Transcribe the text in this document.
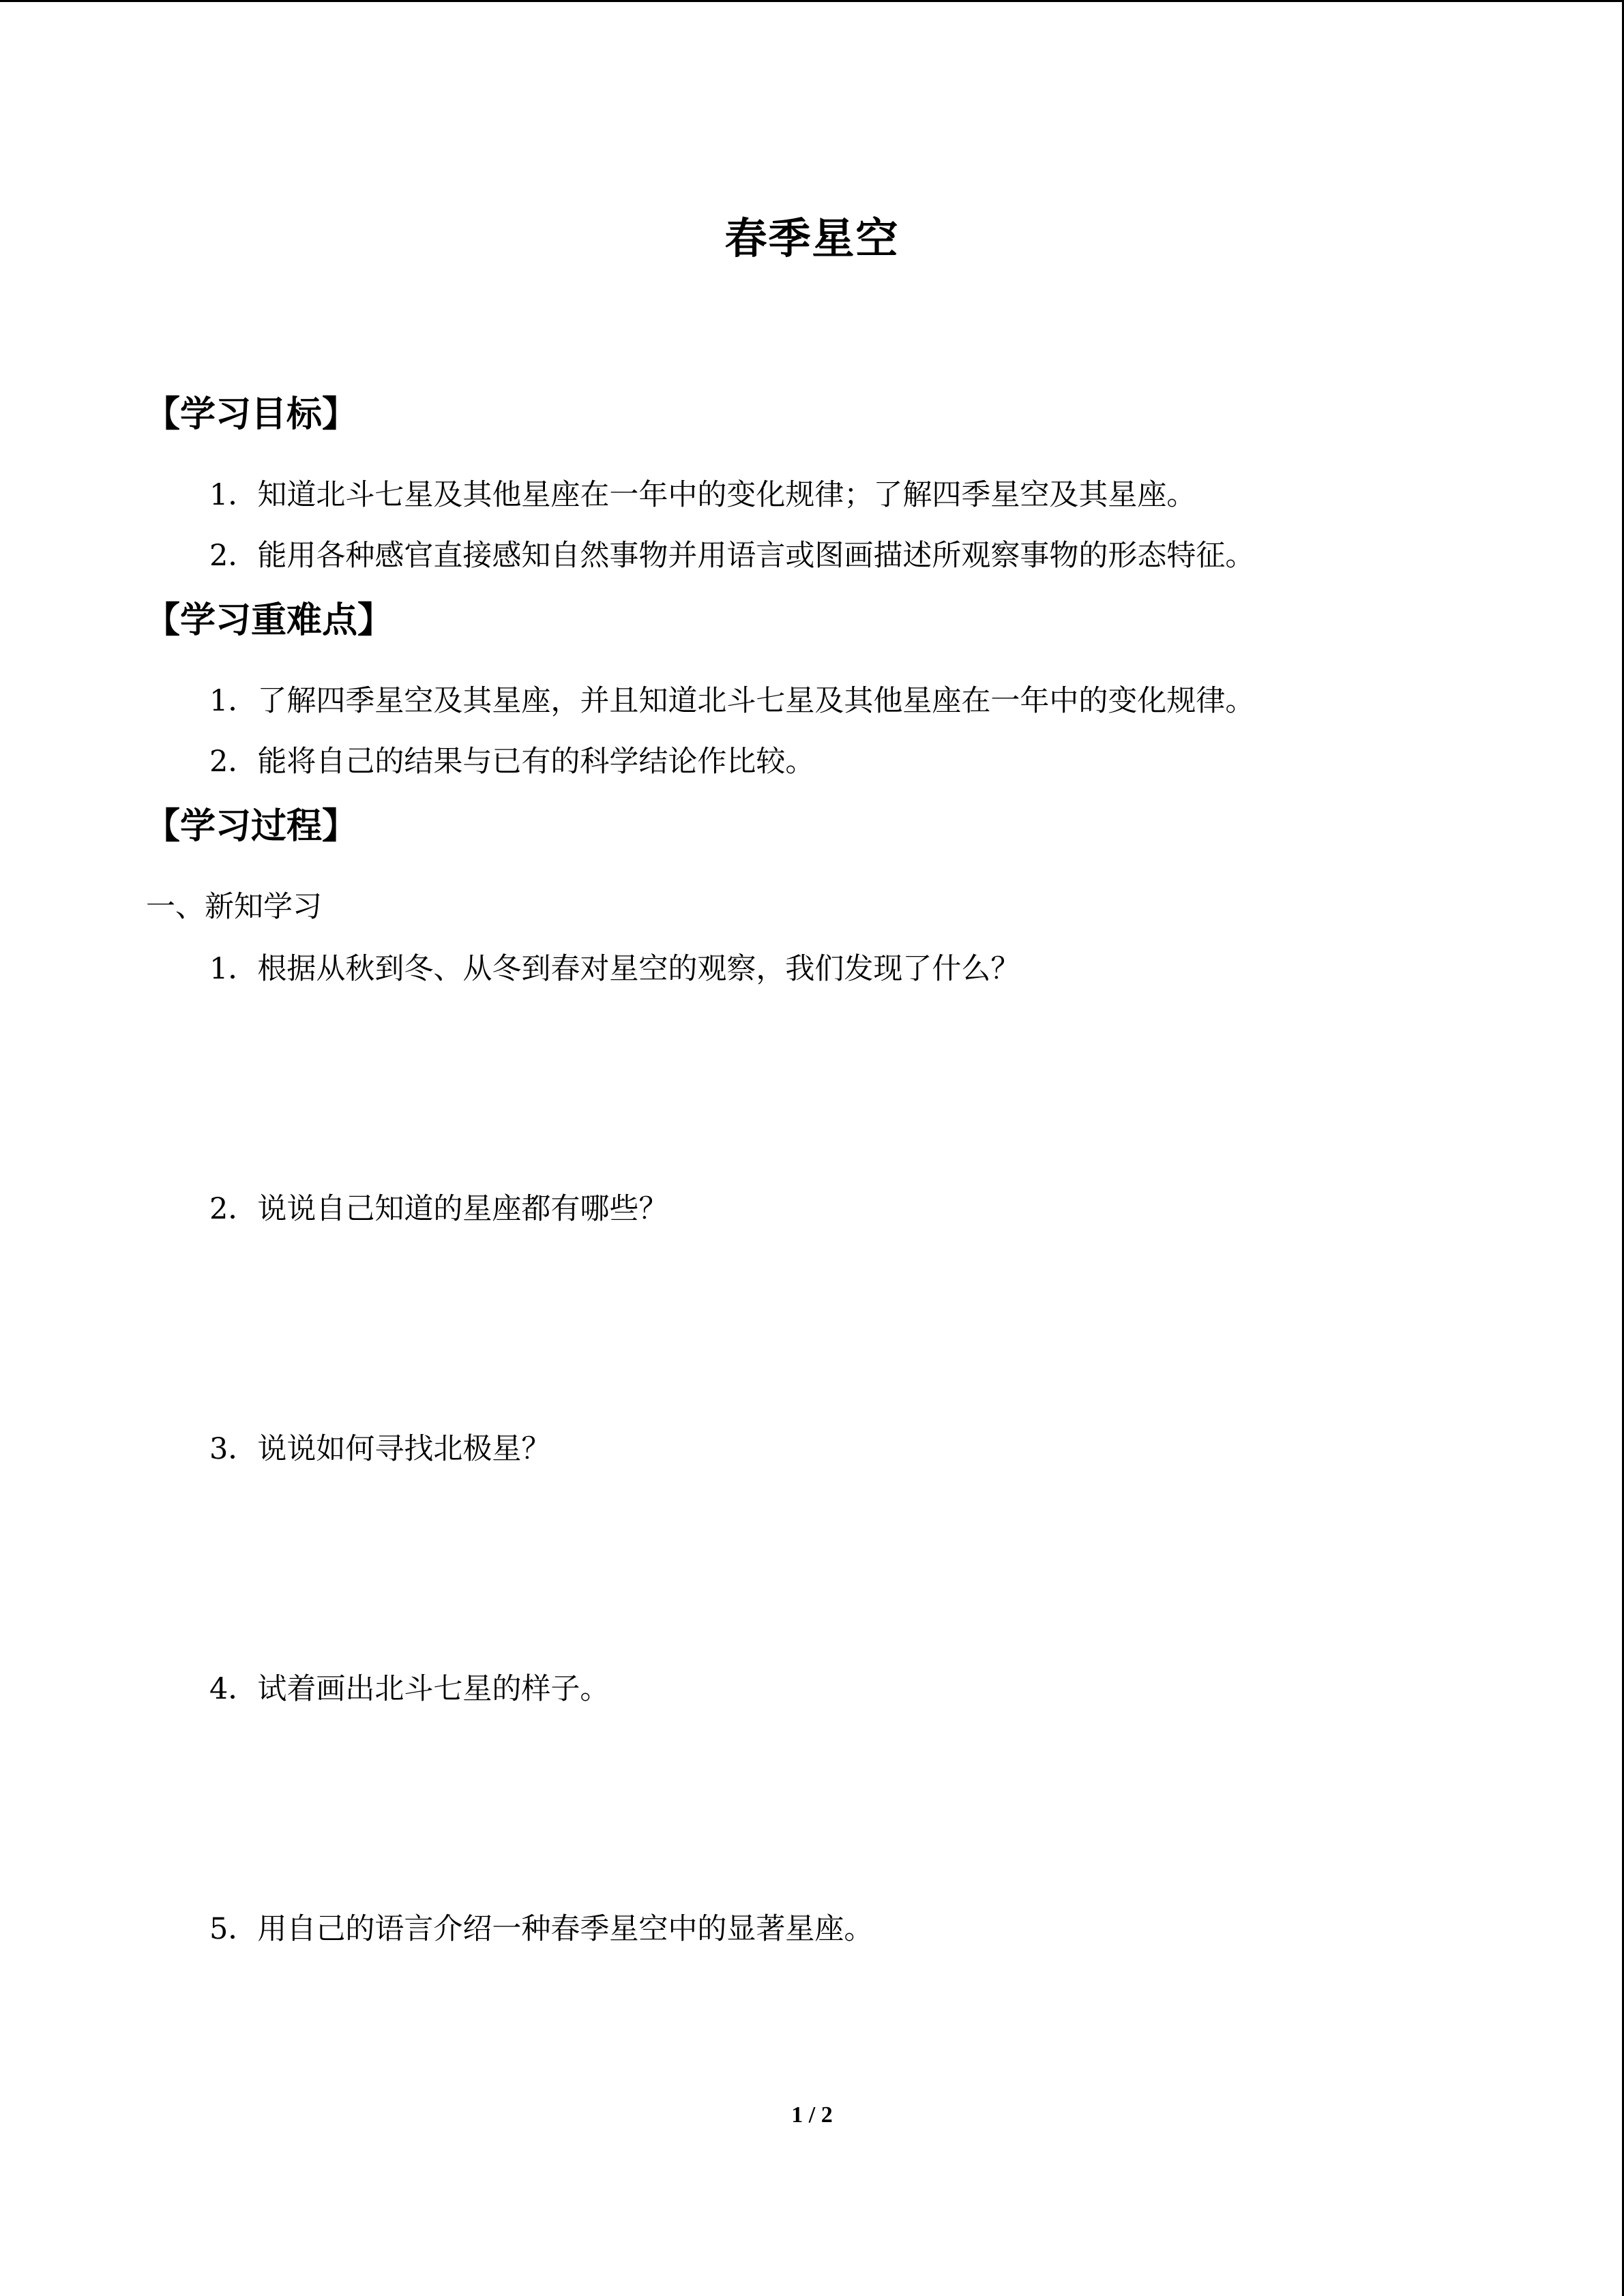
春季星空
【学习目标】
1．知道北斗七星及其他星座在一年中的变化规律；了解四季星空及其星座。
2．能用各种感官直接感知自然事物并用语言或图画描述所观察事物的形态特征。
【学习重难点】
1．了解四季星空及其星座，并且知道北斗七星及其他星座在一年中的变化规律。
2．能将自己的结果与已有的科学结论作比较。
【学习过程】
一、新知学习
1．根据从秋到冬、从冬到春对星空的观察，我们发现了什么？
2．说说自己知道的星座都有哪些？
3．说说如何寻找北极星？
4．试着画出北斗七星的样子。
5．用自己的语言介绍一种春季星空中的显著星座。
1 / 2
